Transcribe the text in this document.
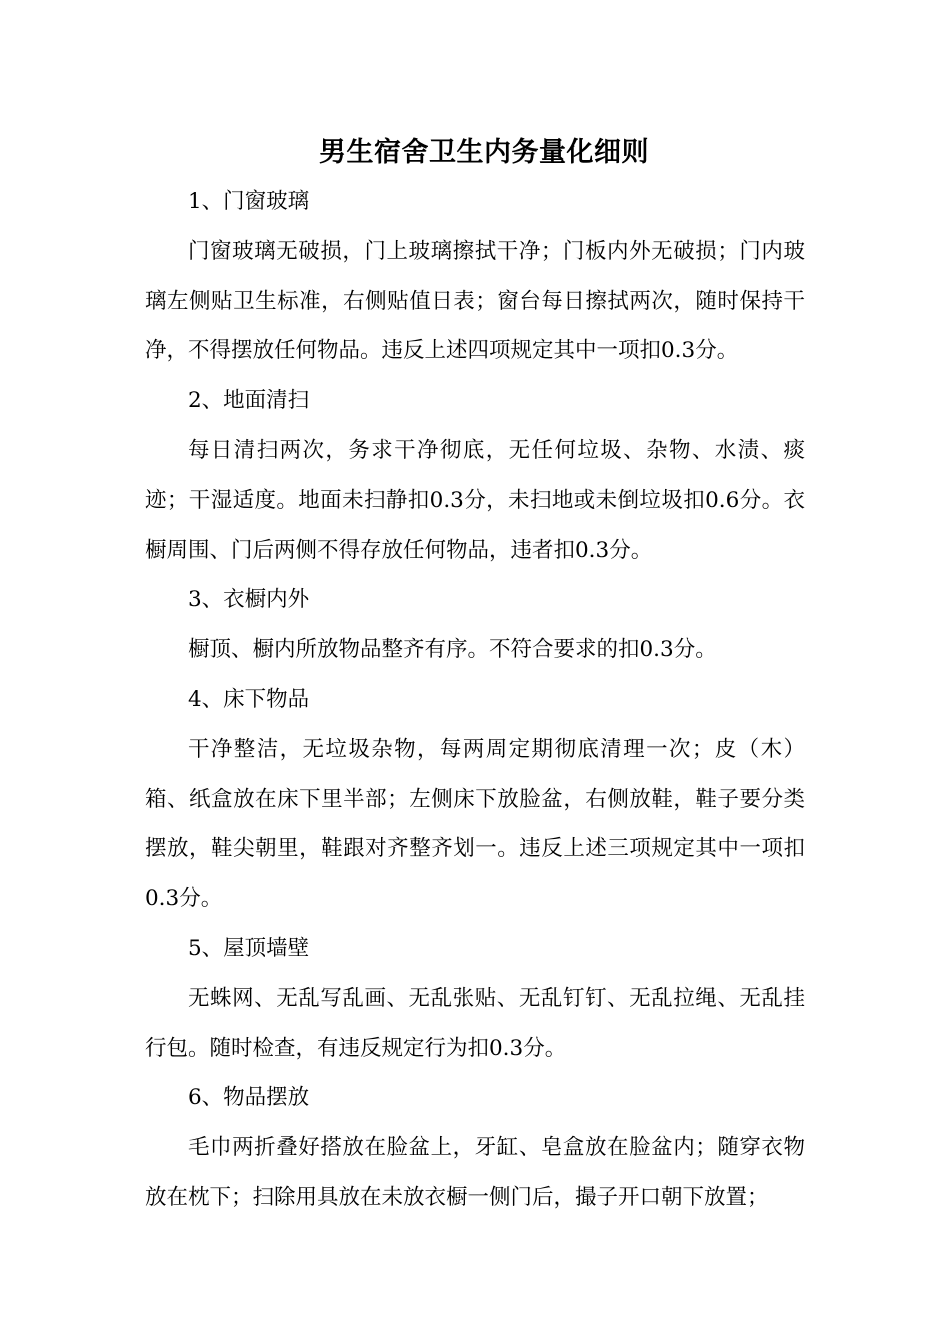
男生宿舍卫生内务量化细则

1、门窗玻璃

门窗玻璃无破损，门上玻璃擦拭干净；门板内外无破损；门内玻璃左侧贴卫生标准，右侧贴值日表；窗台每日擦拭两次，随时保持干净，不得摆放任何物品。违反上述四项规定其中一项扣0.3分。

2、地面清扫

每日清扫两次，务求干净彻底，无任何垃圾、杂物、水渍、痰迹；干湿适度。地面未扫静扣0.3分，未扫地或未倒垃圾扣0.6分。衣橱周围、门后两侧不得存放任何物品，违者扣0.3分。

3、衣橱内外

橱顶、橱内所放物品整齐有序。不符合要求的扣0.3分。

4、床下物品

干净整洁，无垃圾杂物，每两周定期彻底清理一次；皮（木）箱、纸盒放在床下里半部；左侧床下放脸盆，右侧放鞋，鞋子要分类摆放，鞋尖朝里，鞋跟对齐整齐划一。违反上述三项规定其中一项扣0.3分。

5、屋顶墙壁

无蛛网、无乱写乱画、无乱张贴、无乱钉钉、无乱拉绳、无乱挂行包。随时检查，有违反规定行为扣0.3分。

6、物品摆放

毛巾两折叠好搭放在脸盆上，牙缸、皂盒放在脸盆内；随穿衣物放在枕下；扫除用具放在未放衣橱一侧门后，撮子开口朝下放置；
